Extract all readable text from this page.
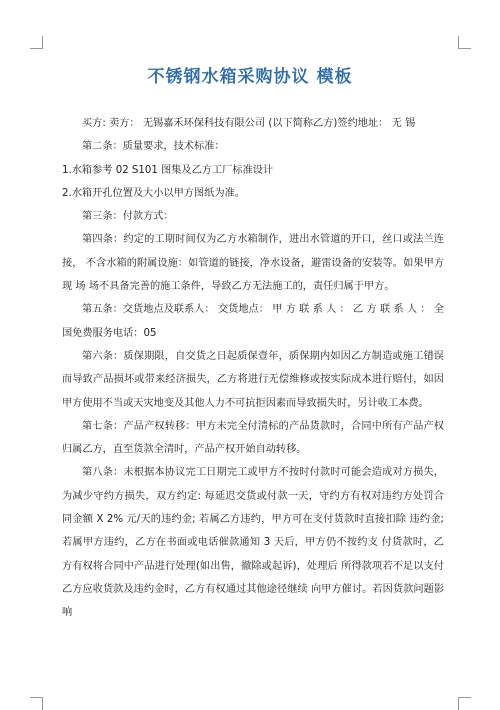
不锈钢水箱采购协议 模板

买方: 卖方： 无锡嘉禾环保科技有限公司 (以下简称乙方)签约地址： 无 锡

第二条：质量要求，技术标准：

1.水箱参考 02 S101 图集及乙方工厂标准设计

2.水箱开孔位置及大小以甲方图纸为准。

第三条：付款方式：

第四条：约定的工期时间仅为乙方水箱制作，进出水管道的开口，丝口或法兰连接， 不含水箱的附属设施：如管道的链接，净水设备，避雷设备的安装等。如果甲方现 场 场不具备完善的施工条件，导致乙方无法施工的，责任归属于甲方。

第五条：交货地点及联系人： 交货地点： 甲 方 联 系 人 ： 乙 方 联 系 人 ： 全国免费服务电话：05

第六条：质保期限，自交货之日起质保壹年，质保期内如因乙方制造或施工错误而导致产品损坏或带来经济损失，乙方将进行无偿维修或按实际成本进行赔付，如因甲方使用不当或天灾地变及其他人力不可抗拒因素而导致损失时，另计收工本费。

第七条：产品产权转移：甲方未完全付清标的产品货款时，合同中所有产品产权归属乙方，直至货款全清时，产品产权开始自动转移。

第八条：未根据本协议完工日期完工或甲方不按时付款时可能会造成对方损失，为减少守约方损失，双方约定: 每延迟交货或付款一天，守约方有权对违约方处罚合同金额 X 2% 元/天的违约金; 若属乙方违约，甲方可在支付货款时直接扣除 违约金; 若属甲方违约，乙方在书面或电话催款通知 3 天后，甲方仍不按约支 付货款时，乙方有权将合同中产品进行处理(如出售，撤除或起诉)，处理后 所得款项若不足以支付乙方应收货款及违约金时，乙方有权通过其他途径继续 向甲方催讨。若因货款问题影响
